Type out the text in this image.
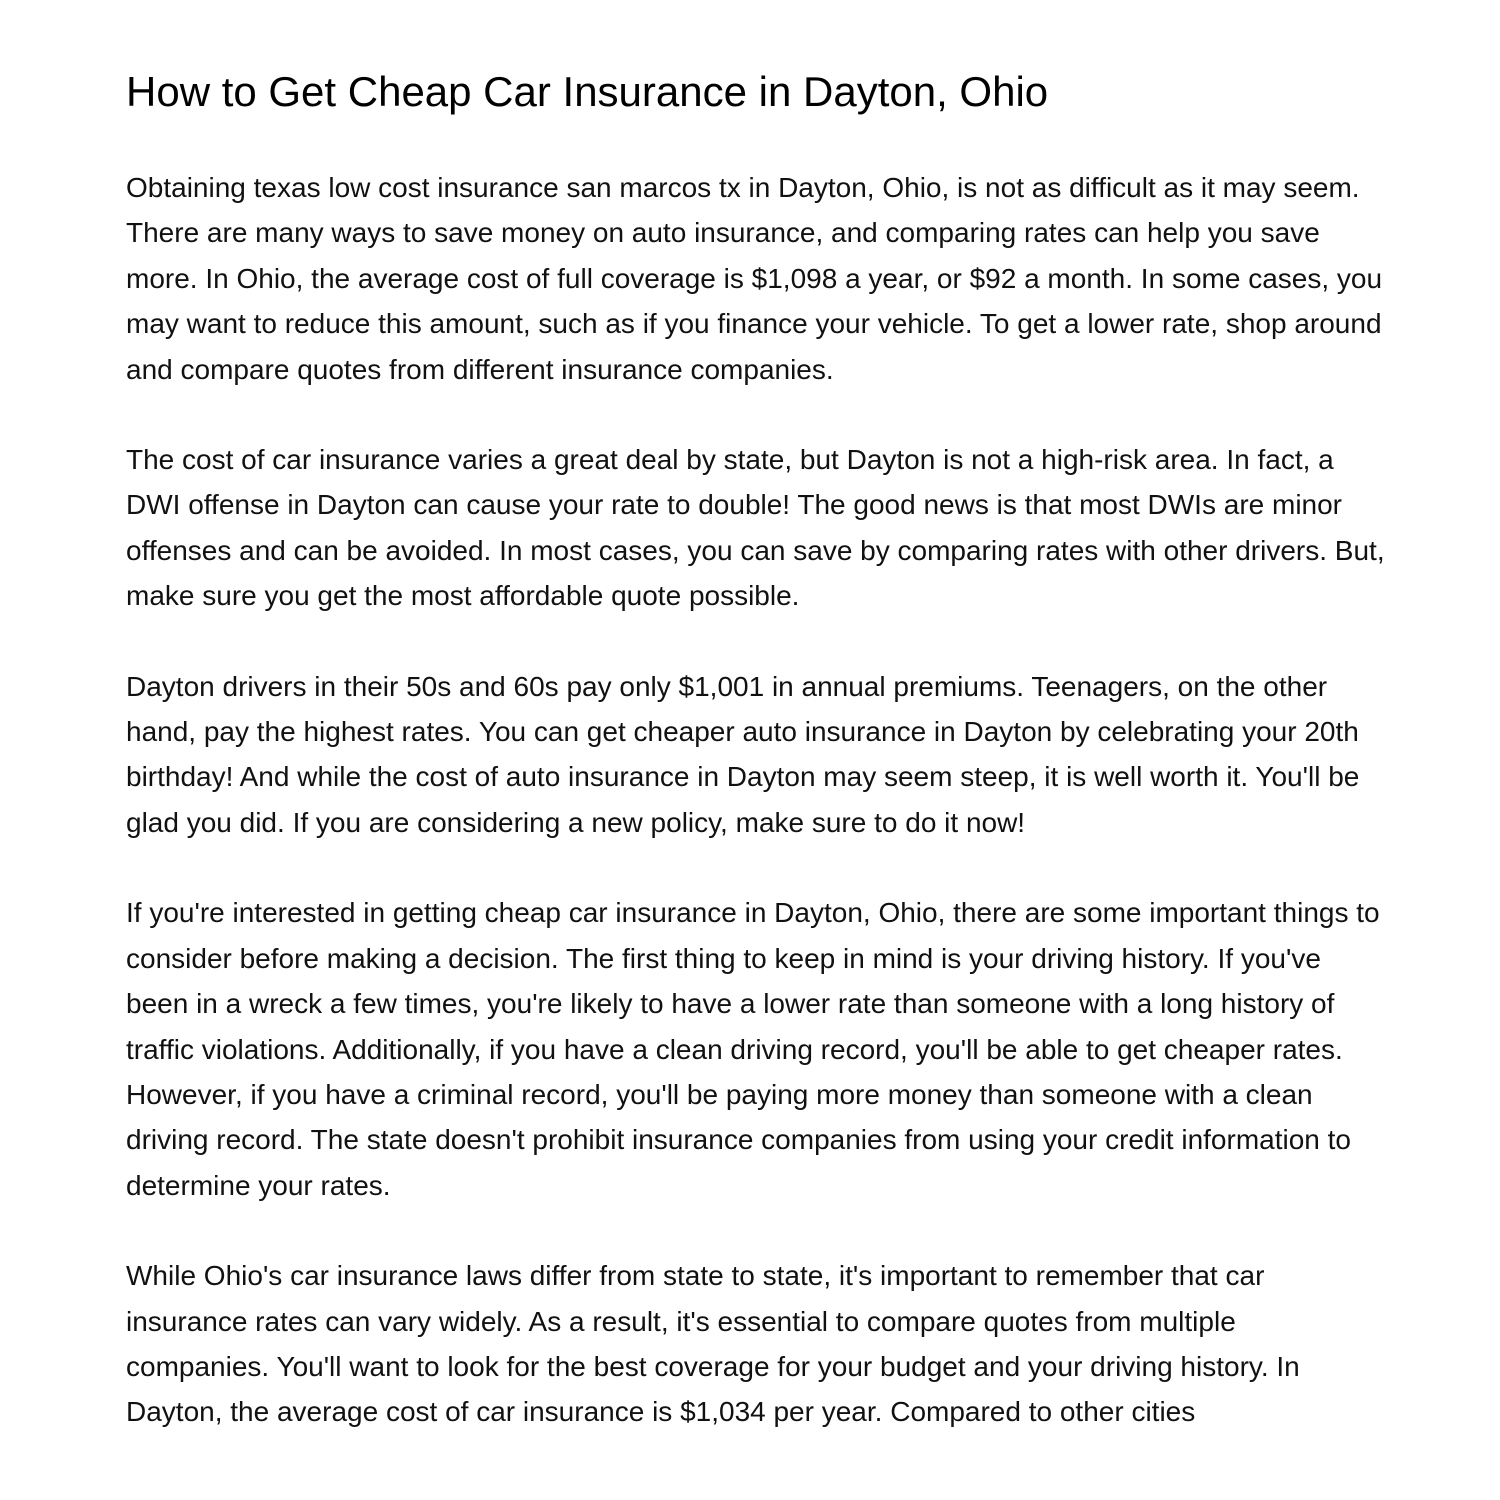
How to Get Cheap Car Insurance in Dayton, Ohio

Obtaining texas low cost insurance san marcos tx in Dayton, Ohio, is not as difficult as it may seem. There are many ways to save money on auto insurance, and comparing rates can help you save more. In Ohio, the average cost of full coverage is $1,098 a year, or $92 a month. In some cases, you may want to reduce this amount, such as if you finance your vehicle. To get a lower rate, shop around and compare quotes from different insurance companies.

The cost of car insurance varies a great deal by state, but Dayton is not a high-risk area. In fact, a DWI offense in Dayton can cause your rate to double! The good news is that most DWIs are minor offenses and can be avoided. In most cases, you can save by comparing rates with other drivers. But, make sure you get the most affordable quote possible.

Dayton drivers in their 50s and 60s pay only $1,001 in annual premiums. Teenagers, on the other hand, pay the highest rates. You can get cheaper auto insurance in Dayton by celebrating your 20th birthday! And while the cost of auto insurance in Dayton may seem steep, it is well worth it. You'll be glad you did. If you are considering a new policy, make sure to do it now!

If you're interested in getting cheap car insurance in Dayton, Ohio, there are some important things to consider before making a decision. The first thing to keep in mind is your driving history. If you've been in a wreck a few times, you're likely to have a lower rate than someone with a long history of traffic violations. Additionally, if you have a clean driving record, you'll be able to get cheaper rates. However, if you have a criminal record, you'll be paying more money than someone with a clean driving record. The state doesn't prohibit insurance companies from using your credit information to determine your rates.

While Ohio's car insurance laws differ from state to state, it's important to remember that car insurance rates can vary widely. As a result, it's essential to compare quotes from multiple companies. You'll want to look for the best coverage for your budget and your driving history. In Dayton, the average cost of car insurance is $1,034 per year. Compared to other cities
